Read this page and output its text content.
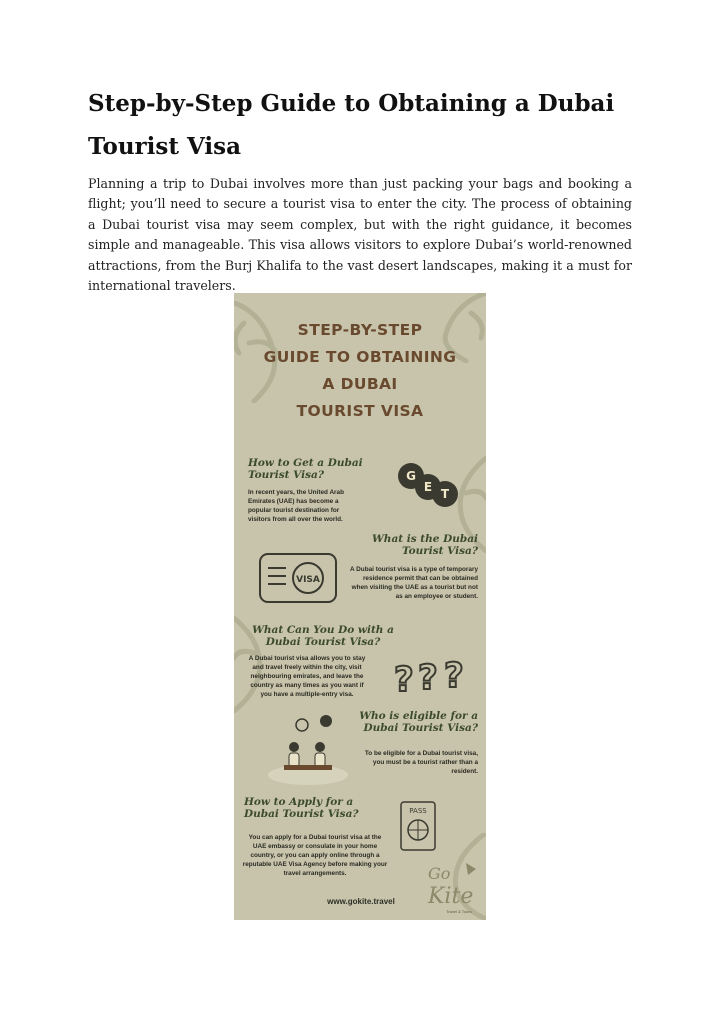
Step-by-Step Guide to Obtaining a Dubai Tourist Visa

Planning a trip to Dubai involves more than just packing your bags and booking a flight; you’ll need to secure a tourist visa to enter the city. The process of obtaining a Dubai tourist visa may seem complex, but with the right guidance, it becomes simple and manageable. This visa allows visitors to explore Dubai’s world-renowned attractions, from the Burj Khalifa to the vast desert landscapes, making it a must for international travelers.

STEP-BY-STEP
GUIDE TO OBTAINING
A DUBAI
TOURIST VISA
How to Get a Dubai Tourist Visa?
In recent years, the United Arab Emirates (UAE) has become a popular tourist destination for visitors from all over the world.
G
E T
What is the Dubai Tourist Visa?
A Dubai tourist visa is a type of temporary residence permit that can be obtained when visiting the UAE as a tourist but not as an employee or student.
VISA
What Can You Do with a Dubai Tourist Visa?
A Dubai tourist visa allows you to stay and travel freely within the city, visit neighbouring emirates, and leave the country as many times as you want if you have a multiple-entry visa.	? ? ?
Who is eligible for a Dubai Tourist Visa?
To be eligible for a Dubai tourist visa, you must be a tourist rather than a resident.
How to Apply for a Dubai Tourist Visa?
You can apply for a Dubai tourist visa at the UAE embassy or consulate in your home country, or you can apply online through a reputable UAE Visa Agency before making your travel arrangements.
PASS
Go
Kite
Travel & Tours
www.gokite.travel
